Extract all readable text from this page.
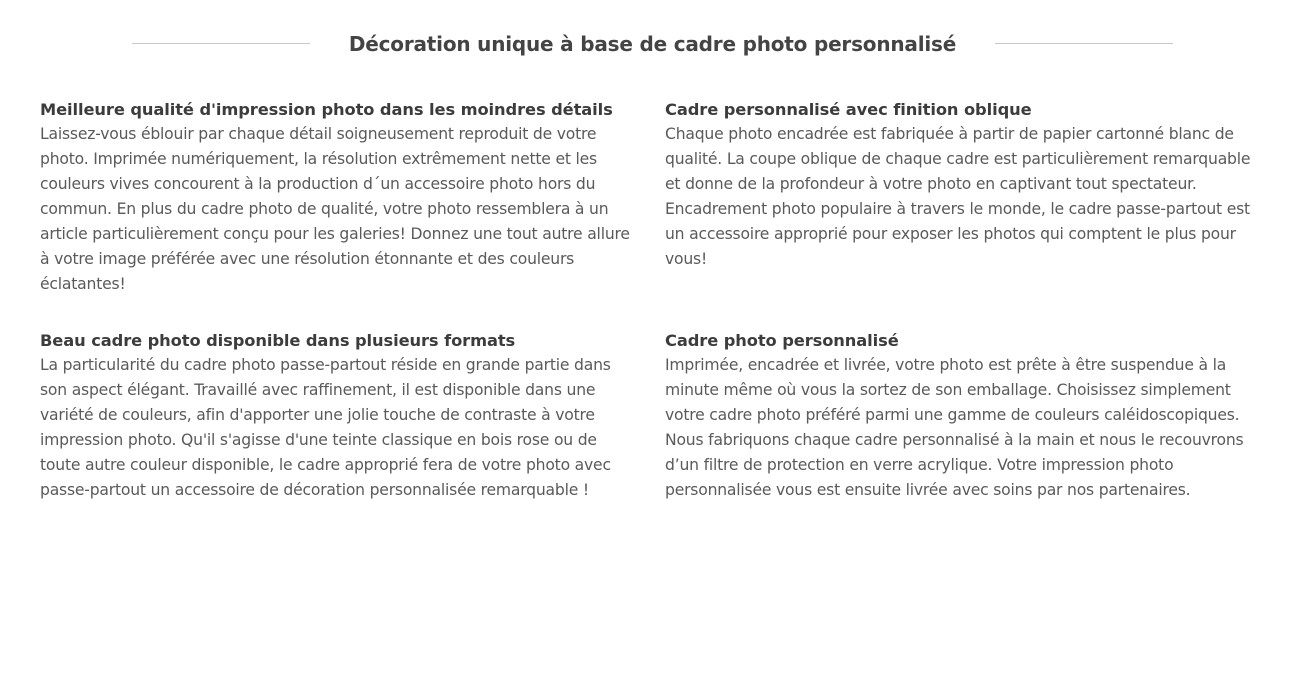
Décoration unique à base de cadre photo personnalisé
Meilleure qualité d'impression photo dans les moindres détails

Laissez-vous éblouir par chaque détail soigneusement reproduit de votre photo. Imprimée numériquement, la résolution extrêmement nette et les couleurs vives concourent à la production d´un accessoire photo hors du commun. En plus du cadre photo de qualité, votre photo ressemblera à un article particulièrement conçu pour les galeries! Donnez une tout autre allure à votre image préférée avec une résolution étonnante et des couleurs éclatantes!

Cadre personnalisé avec finition oblique

Chaque photo encadrée est fabriquée à partir de papier cartonné blanc de qualité. La coupe oblique de chaque cadre est particulièrement remarquable et donne de la profondeur à votre photo en captivant tout spectateur. Encadrement photo populaire à travers le monde, le cadre passe-partout est un accessoire approprié pour exposer les photos qui comptent le plus pour vous!

Beau cadre photo disponible dans plusieurs formats

La particularité du cadre photo passe-partout réside en grande partie dans son aspect élégant. Travaillé avec raffinement, il est disponible dans une variété de couleurs, afin d'apporter une jolie touche de contraste à votre impression photo. Qu'il s'agisse d'une teinte classique en bois rose ou de toute autre couleur disponible, le cadre approprié fera de votre photo avec passe-partout un accessoire de décoration personnalisée remarquable !

Cadre photo personnalisé

Imprimée, encadrée et livrée, votre photo est prête à être suspendue à la minute même où vous la sortez de son emballage. Choisissez simplement votre cadre photo préféré parmi une gamme de couleurs caléidoscopiques. Nous fabriquons chaque cadre personnalisé à la main et nous le recouvrons d’un filtre de protection en verre acrylique. Votre impression photo personnalisée vous est ensuite livrée avec soins par nos partenaires.
